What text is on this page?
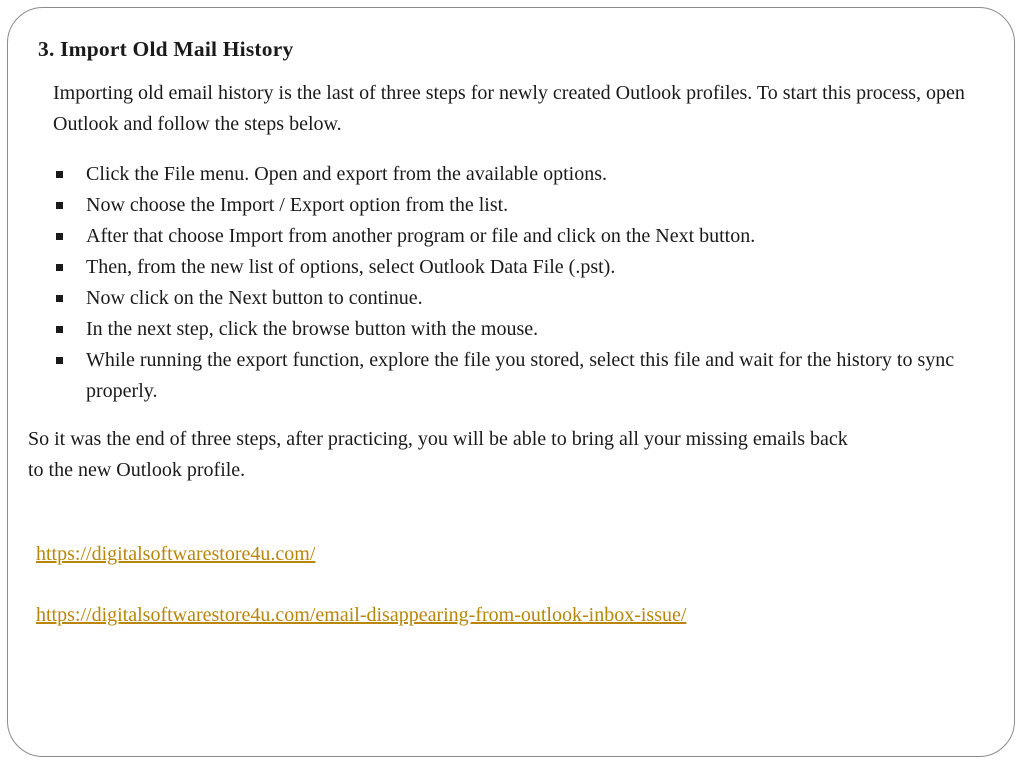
3. Import Old Mail History

Importing old email history is the last of three steps for newly created Outlook profiles. To start this process, open Outlook and follow the steps below.

Click the File menu. Open and export from the available options.
Now choose the Import / Export option from the list.
After that choose Import from another program or file and click on the Next button.
Then, from the new list of options, select Outlook Data File (.pst).
Now click on the Next button to continue.
In the next step, click the browse button with the mouse.
While running the export function, explore the file you stored, select this file and wait for the history to sync properly.

So it was the end of three steps, after practicing, you will be able to bring all your missing emails back to the new Outlook profile.

https://digitalsoftwarestore4u.com/
https://digitalsoftwarestore4u.com/email-disappearing-from-outlook-inbox-issue/
